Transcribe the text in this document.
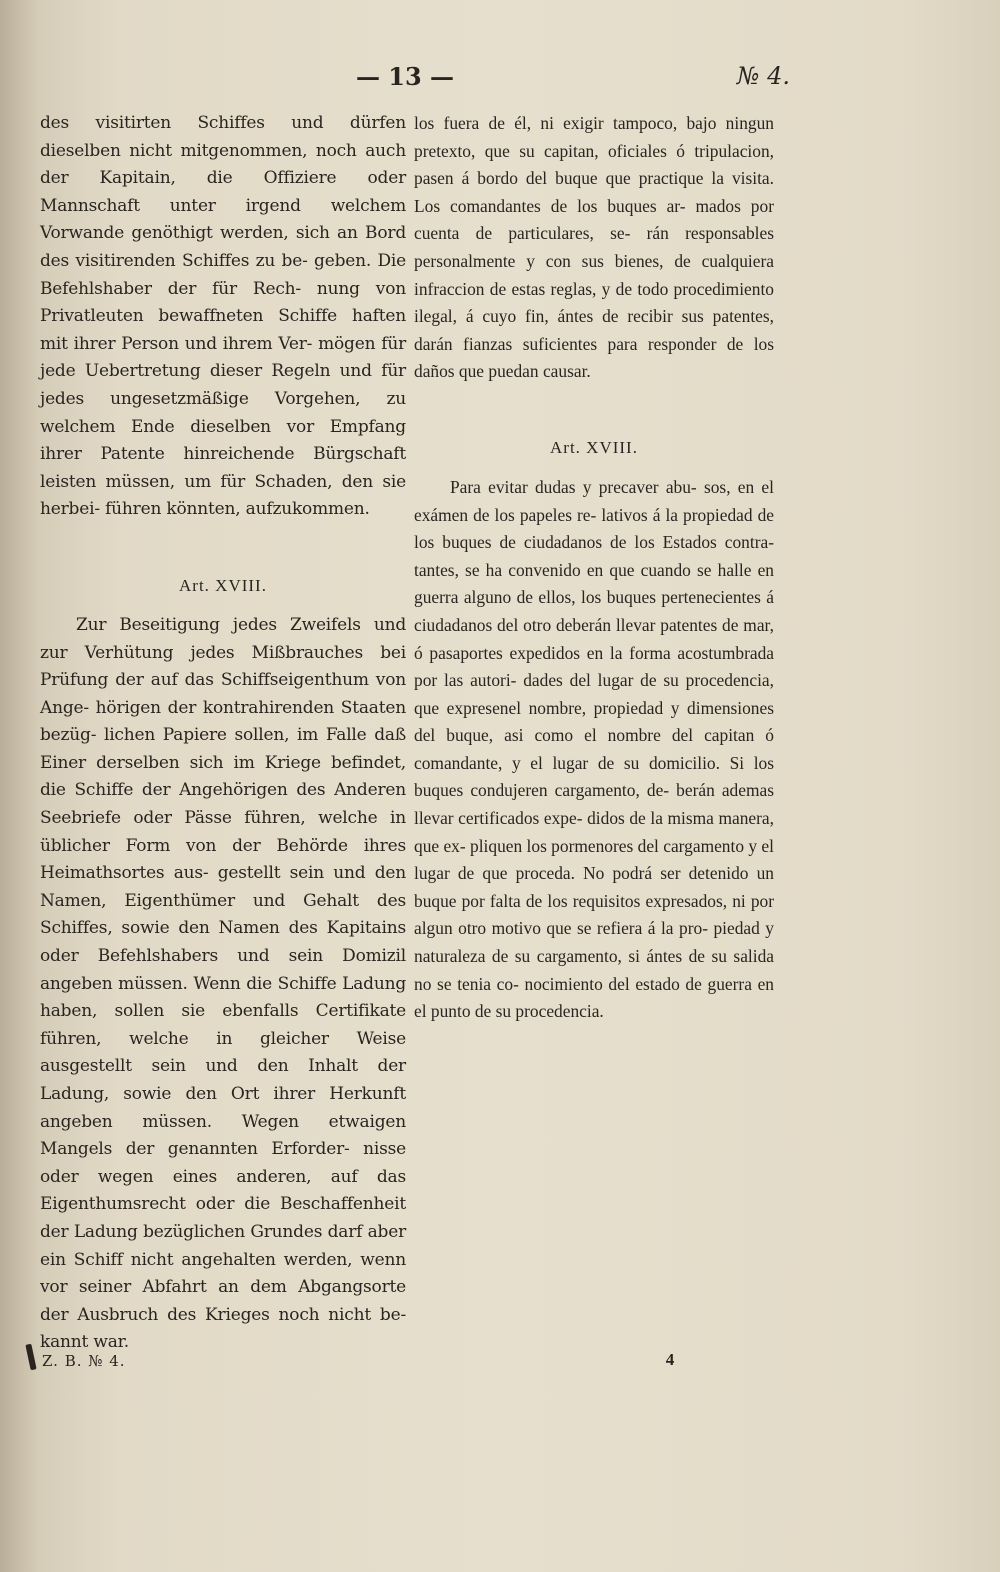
— 13 —	№ 4.

des visitirten Schiffes und dürfen dieselben nicht mitgenommen, noch auch der Kapitain, die Offiziere oder Mannschaft unter irgend welchem Vorwande genöthigt werden, sich an Bord des visitirenden Schiffes zu be- geben. Die Befehlshaber der für Rech- nung von Privatleuten bewaffneten Schiffe haften mit ihrer Person und ihrem Ver- mögen für jede Uebertretung dieser Regeln und für jedes ungesetzmäßige Vorgehen, zu welchem Ende dieselben vor Empfang ihrer Patente hinreichende Bürgschaft leisten müssen, um für Schaden, den sie herbei- führen könnten, aufzukommen.

Art. XVIII.

Zur Beseitigung jedes Zweifels und zur Verhütung jedes Mißbrauches bei Prüfung der auf das Schiffseigenthum von Ange- hörigen der kontrahirenden Staaten bezüg- lichen Papiere sollen, im Falle daß Einer derselben sich im Kriege befindet, die Schiffe der Angehörigen des Anderen Seebriefe oder Pässe führen, welche in üblicher Form von der Behörde ihres Heimathsortes aus- gestellt sein und den Namen, Eigenthümer und Gehalt des Schiffes, sowie den Namen des Kapitains oder Befehlshabers und sein Domizil angeben müssen. Wenn die Schiffe Ladung haben, sollen sie ebenfalls Certifikate führen, welche in gleicher Weise ausgestellt sein und den Inhalt der Ladung, sowie den Ort ihrer Herkunft angeben müssen. Wegen etwaigen Mangels der genannten Erforder- nisse oder wegen eines anderen, auf das Eigenthumsrecht oder die Beschaffenheit der Ladung bezüglichen Grundes darf aber ein Schiff nicht angehalten werden, wenn vor seiner Abfahrt an dem Abgangsorte der Ausbruch des Krieges noch nicht be- kannt war.

los fuera de él, ni exigir tampoco, bajo ningun pretexto, que su capitan, oficiales ó tripulacion, pasen á bordo del buque que practique la visita. Los comandantes de los buques ar- mados por cuenta de particulares, se- rán responsables personalmente y con sus bienes, de cualquiera infraccion de estas reglas, y de todo procedimiento ilegal, á cuyo fin, ántes de recibir sus patentes, darán fianzas suficientes para responder de los daños que puedan causar.

Art. XVIII.

Para evitar dudas y precaver abu- sos, en el exámen de los papeles re- lativos á la propiedad de los buques de ciudadanos de los Estados contra- tantes, se ha convenido en que cuando se halle en guerra alguno de ellos, los buques pertenecientes á ciudadanos del otro deberán llevar patentes de mar, ó pasaportes expedidos en la forma acostumbrada por las autori- dades del lugar de su procedencia, que expresenel nombre, propiedad y dimensiones del buque, asi como el nombre del capitan ó comandante, y el lugar de su domicilio. Si los buques condujeren cargamento, de- berán ademas llevar certificados expe- didos de la misma manera, que ex- pliquen los pormenores del cargamento y el lugar de que proceda. No podrá ser detenido un buque por falta de los requisitos expresados, ni por algun otro motivo que se refiera á la pro- piedad y naturaleza de su cargamento, si ántes de su salida no se tenia co- nocimiento del estado de guerra en el punto de su procedencia.

Z. B. № 4.	4
